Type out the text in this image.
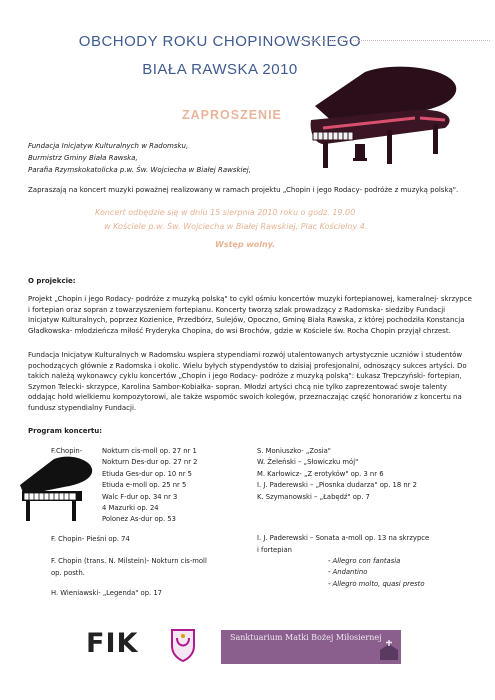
OBCHODY ROKU CHOPINOWSKIEGO
BIAŁA RAWSKA 2010
ZAPROSZENIE
Fundacja Inicjatyw Kulturalnych w Radomsku,
Burmistrz Gminy Biała Rawska,
Parafia Rzymskokatolicka p.w. Św. Wojciecha w Białej Rawskiej,
Zapraszają na koncert muzyki poważnej realizowany w ramach projektu „Chopin i jego Rodacy- podróże z muzyką polską".
Koncert odbędzie się w dniu 15 sierpnia 2010 roku o godz. 19.00
w Kościele p.w. Św. Wojciecha w Białej Rawskiej, Plac Kościelny 4.
Wstęp wolny.
O projekcie:
Projekt „Chopin i jego Rodacy- podróże z muzyką polską" to cykl ośmiu koncertów muzyki fortepianowej, kameralnej- skrzypce
i fortepian oraz sopran z towarzyszeniem fortepianu. Koncerty tworzą szlak prowadzący z Radomska- siedziby Fundacji
Inicjatyw Kulturalnych, poprzez Kozienice, Przedbórz, Sulejów, Opoczno, Gminę Biała Rawska, z której pochodziła Konstancja
Gładkowska- młodzieńcza miłość Fryderyka Chopina, do wsi Brochów, gdzie w Kościele św. Rocha Chopin przyjął chrzest.
Fundacja Inicjatyw Kulturalnych w Radomsku wspiera stypendiami rozwój utalentowanych artystycznie uczniów i studentów
pochodzących głównie z Radomska i okolic. Wielu byłych stypendystów to dzisiaj profesjonalni, odnoszący sukces artyści. Do
takich należą wykonawcy cyklu koncertów „Chopin i jego Rodacy- podróże z muzyką polską": Łukasz Trepczyński- fortepian,
Szymon Telecki- skrzypce, Karolina Sambor-Kobiałka- sopran. Młodzi artyści chcą nie tylko zaprezentować swoje talenty
oddając hołd wielkiemu kompozytorowi, ale także wspomóc swoich kolegów, przeznaczając część honorariów z koncertu na
fundusz stypendialny Fundacji.
Program koncertu:
F.Chopin-	Nokturn cis-moll op. 27 nr 1
Nokturn Des-dur op. 27 nr 2
Etiuda Ges-dur op. 10 nr 5
Etiuda e-moll op. 25 nr 5
Walc F-dur op. 34 nr 3
4 Mazurki op. 24
Polonez As-dur op. 53
S. Moniuszko- „Zosia"
W. Żeleński – „Słowiczku mój"
M. Karłowicz- „Z erotyków" op. 3 nr 6
I. J. Paderewski – „Piosnka dudarza" op. 18 nr 2
K. Szymanowski – „Łabędź" op. 7
F. Chopin- Pieśni op. 74
F. Chopin (trans. N. Milstein)- Nokturn cis-moll
op. posth.
H. Wieniawski- „Legenda" op. 17
I. J. Paderewski – Sonata a-moll op. 13 na skrzypce
i fortepian
- Allegro con fantasia
- Andantino
- Allegro molto, quasi presto
FIK	Sanktuarium Matki Bożej Miłosiernej
